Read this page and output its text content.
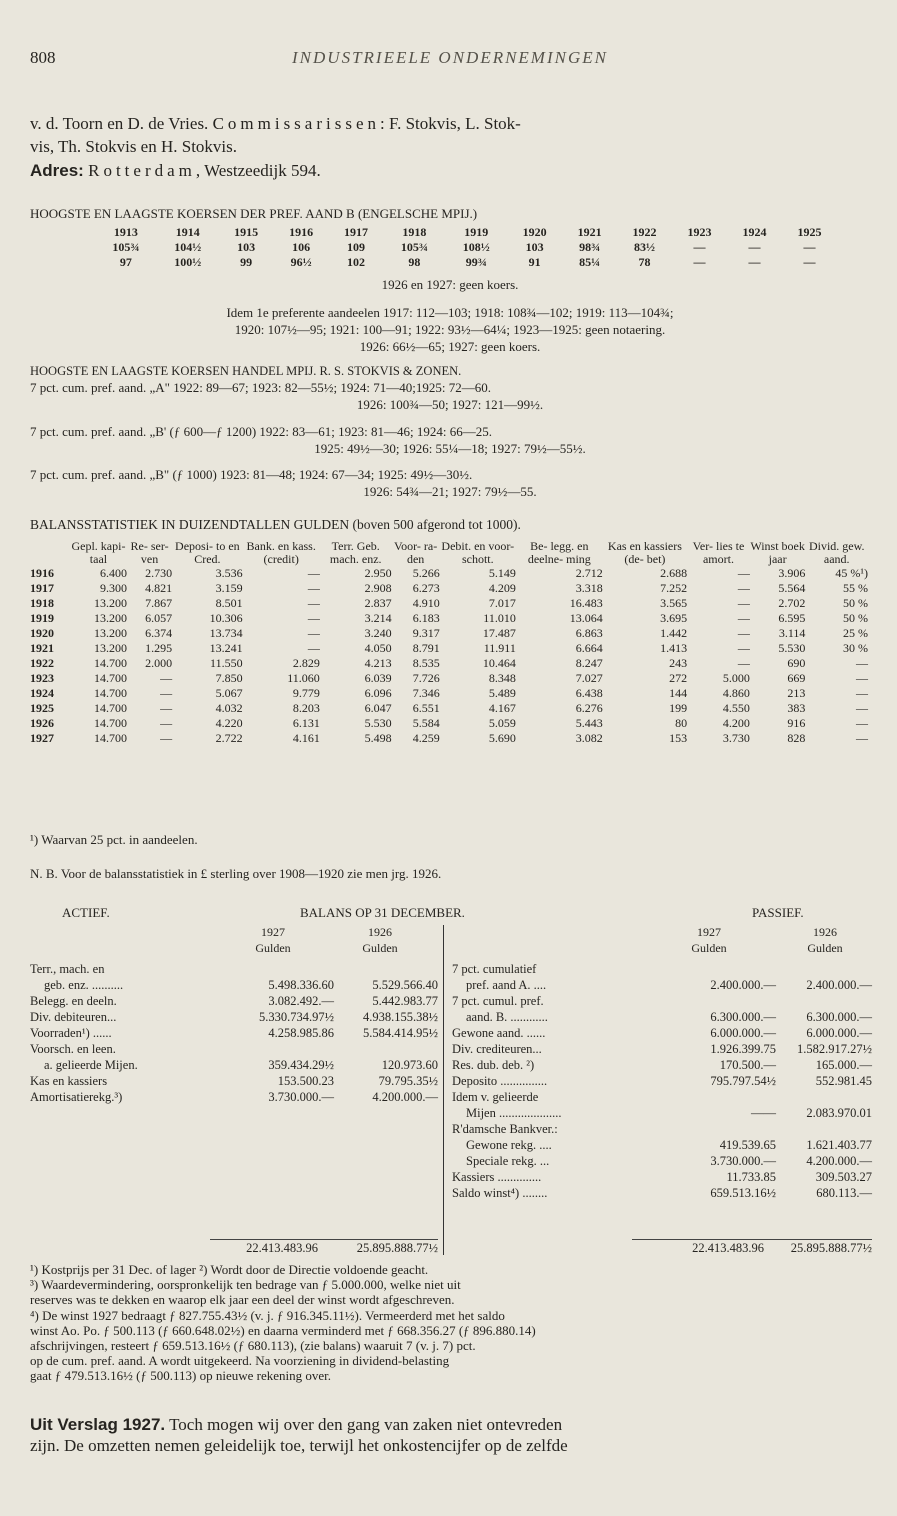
808	INDUSTRIEELE ONDERNEMINGEN
v. d. Toorn en D. de Vries. Commissarissen: F. Stokvis, L. Stok-
vis, Th. Stokvis en H. Stokvis.
Adres: Rotterdam, Westzeedijk 594.
HOOGSTE EN LAAGSTE KOERSEN DER PREF. AAND B (ENGELSCHE MPIJ.)
1913	1914	1915	1916	1917	1918	1919	1920	1921	1922	1923	1924	1925
105¾	104½	103	106	109	105¾	108½	103	98¾	83½	—	—	—
97	100½	99	96½	102	98	99¾	91	85¼	78	—	—	—
1926 en 1927: geen koers.
Idem 1e preferente aandeelen 1917: 112—103; 1918: 108¾—102; 1919: 113—104¾;
1920: 107½—95; 1921: 100—91; 1922: 93½—64¼; 1923—1925: geen notaering.
1926: 66½—65; 1927: geen koers.
HOOGSTE EN LAAGSTE KOERSEN HANDEL MPIJ. R. S. STOKVIS & ZONEN.
7 pct. cum. pref. aand. „A" 1922: 89—67; 1923: 82—55½; 1924: 71—40;1925: 72—60.
1926: 100¾—50; 1927: 121—99½.
7 pct. cum. pref. aand. „B' (ƒ 600—ƒ 1200) 1922: 83—61; 1923: 81—46; 1924: 66—25.
1925: 49½—30; 1926: 55¼—18; 1927: 79½—55½.
7 pct. cum. pref. aand. „B" (ƒ 1000) 1923: 81—48; 1924: 67—34; 1925: 49½—30½.
1926: 54¾—21; 1927: 79½—55.
BALANSSTATISTIEK IN DUIZENDTALLEN GULDEN (boven 500 afgerond tot 1000).
	Gepl. kapi- taal	Re- ser- ven	Deposi- to en Cred.	Bank. en kass. (credit)	Terr. Geb. mach. enz.	Voor- ra- den	Debit. en voor- schott.	Be- legg. en deelne- ming	Kas en kassiers (de- bet)	Ver- lies te amort.	Winst boek jaar	Divid. gew. aand.
1916	6.400	2.730	3.536	—	2.950	5.266	5.149	2.712	2.688	—	3.906	45 %¹)
1917	9.300	4.821	3.159	—	2.908	6.273	4.209	3.318	7.252	—	5.564	55 %
1918	13.200	7.867	8.501	—	2.837	4.910	7.017	16.483	3.565	—	2.702	50 %
1919	13.200	6.057	10.306	—	3.214	6.183	11.010	13.064	3.695	—	6.595	50 %
1920	13.200	6.374	13.734	—	3.240	9.317	17.487	6.863	1.442	—	3.114	25 %
1921	13.200	1.295	13.241	—	4.050	8.791	11.911	6.664	1.413	—	5.530	30 %
1922	14.700	2.000	11.550	2.829	4.213	8.535	10.464	8.247	243	—	690	—
1923	14.700	—	7.850	11.060	6.039	7.726	8.348	7.027	272	5.000	669	—
1924	14.700	—	5.067	9.779	6.096	7.346	5.489	6.438	144	4.860	213	—
1925	14.700	—	4.032	8.203	6.047	6.551	4.167	6.276	199	4.550	383	—
1926	14.700	—	4.220	6.131	5.530	5.584	5.059	5.443	80	4.200	916	—
1927	14.700	—	2.722	4.161	5.498	4.259	5.690	3.082	153	3.730	828	—
¹) Waarvan 25 pct. in aandeelen.
N. B. Voor de balansstatistiek in £ sterling over 1908—1920 zie men jrg. 1926.
ACTIEF.	BALANS OP 31 DECEMBER.	PASSIEF.
1927	1926
Gulden	Gulden
1927	1926
Gulden	Gulden
Terr., mach. en		
geb. enz. ..........	5.498.336.60	5.529.566.40
Belegg. en deeln.	3.082.492.—	5.442.983.77
Div. debiteuren...	5.330.734.97½	4.938.155.38½
Voorraden¹) ......	4.258.985.86	5.584.414.95½
Voorsch. en leen.		
a. gelieerde Mijen.	359.434.29½	120.973.60
Kas en kassiers	153.500.23	79.795.35½
Amortisatierekg.³)	3.730.000.—	4.200.000.—
7 pct. cumulatief		
pref. aand A. ....	2.400.000.—	2.400.000.—
7 pct. cumul. pref.		
aand. B. ............	6.300.000.—	6.300.000.—
Gewone aand. ......	6.000.000.—	6.000.000.—
Div. crediteuren...	1.926.399.75	1.582.917.27½
Res. dub. deb. ²)	170.500.—	165.000.—
Deposito ...............	795.797.54½	552.981.45
Idem v. gelieerde		
Mijen ....................	——	2.083.970.01
R'damsche Bankver.:		
Gewone rekg. ....	419.539.65	1.621.403.77
Speciale rekg. ...	3.730.000.—	4.200.000.—
Kassiers ..............	11.733.85	309.503.27
Saldo winst⁴) ........	659.513.16½	680.113.—
22.413.483.96	25.895.888.77½	22.413.483.96	25.895.888.77½
¹) Kostprijs per 31 Dec. of lager ²) Wordt door de Directie voldoende geacht.
³) Waardevermindering, oorspronkelijk ten bedrage van ƒ 5.000.000, welke niet uit
reserves was te dekken en waarop elk jaar een deel der winst wordt afgeschreven.
⁴) De winst 1927 bedraagt ƒ 827.755.43½ (v. j. ƒ 916.345.11½). Vermeerderd met het saldo
winst Ao. Po. ƒ 500.113 (ƒ 660.648.02½) en daarna verminderd met ƒ 668.356.27 (ƒ 896.880.14)
afschrijvingen, resteert ƒ 659.513.16½ (ƒ 680.113), (zie balans) waaruit 7 (v. j. 7) pct.
op de cum. pref. aand. A wordt uitgekeerd. Na voorziening in dividend-belasting
gaat ƒ 479.513.16½ (ƒ 500.113) op nieuwe rekening over.
Uit Verslag 1927. Toch mogen wij over den gang van zaken niet ontevreden
zijn. De omzetten nemen geleidelijk toe, terwijl het onkostencijfer op de zelfde
